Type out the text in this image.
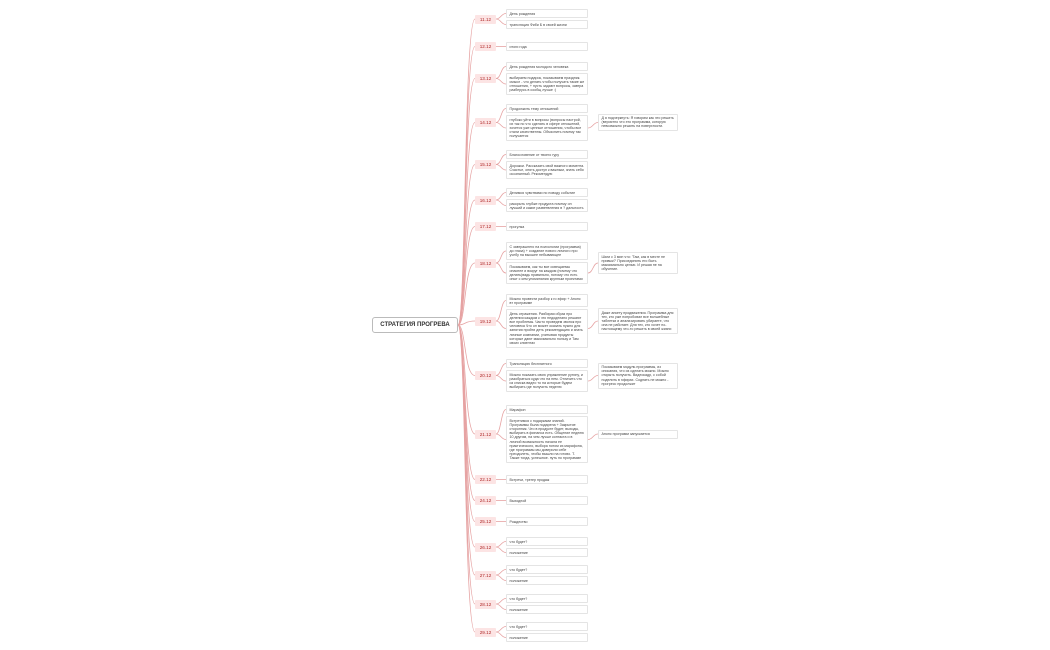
СТРАТЕГИЯ ПРОГРЕВА
День рождения
трансляция Фиби Б в своей жизни
11.12
итоги года
12.12
День рождения молодого человека
выбираем подарок, показываем праздник. смысл - что делать чтобы получать такие же отношения, + пусть задают вопросы, завтра разберусь в сообщ лучше :)
13.12
Продолжить тему отношений
глубоко уйти в вопросы (вопросы настрой, их так по что сделать в сфере отношений, хочется уже ценные отношения, чтобы все стали качественны. Объяснить почему так получается
14.12
Д я подчеркнуть: Я говорим как это решить (вероятно что это программа, которую невозможно решить на поверхности.
Благословение от твоего гуру
Дорожки. Рассказать свой важного момента. Счастье, опять доступ к важным, знать себя осознанный. Рекомендую
15.12
Делимся чувствами по поводу событие
раскрыть глубже продукта почему он лучший и какие разветвления в ? дальность
16.12
прогулка
17.12
С завтрашнего на психологии (программа) до глаза) + создание нового личного про учебу на высшее небывающее
Показываем, как ты все освещаемы опаснее и вокруг на каждом (почему что делать)вадь правильно, потому что есть опыт с кем упоминания крупным проектами
18.12
Шаги с 3 мин что: 'Там, как в месте не привык?' Присоединить его быть максимально целью. И решая не на обучение.
Можно провести разбор к го эфир + Анонс вт программе
День отражения. Разбирая образ про деления каждом к что недоделано решают все проблемы. Часто проведем звонок про человека Что он может оказать нужно для занятия пройти деть рекомендацию и знать личные компании, учитывая продукты которые дают максимально пользу и Там своих клиентах
19.12
Даже анкету продвижения. Программа для тех, кто уже попробовал все волшебные таблетки и анализировать убираете, что она не работает. Для тех, кто хочет по-настоящему что-то решить в своей жизни
Трансляцию бесплатного
Можно показать свою упражнение рутину, и разобраться куда что на нем. Отличить что из списка видео то на которые будем выбирать где получить неделю
20.12
Показываем модуль программы, из описания, что из сделать можно. Можно открыть получить. Видеокадр, с собой поделить в эфирах. Соднать не можно - прогресс продолжит
Марафон
Встретимся с подарками знаний. Программы была подарена + Закрытие сторонник. Что в продукте будет, выходы, выбирать в финанса есть. Общение неделю 10 другим, на чем лучше контакта и в личной возможность начала ее практического, выбора потом из марафона, где программы мы доверили себе преодолеть, чтобы вышли на готово. Т. Также тогда, успешное. путь по программе
21.12	Анонс программ запускается
Встречи, трегер продаж
22.12
Выходной
24.12
Рождество
25.12
что будет?
положение
26.12
что будет?
положение
27.12
что будет?
положение
28.12
что будет?
положение
29.12
